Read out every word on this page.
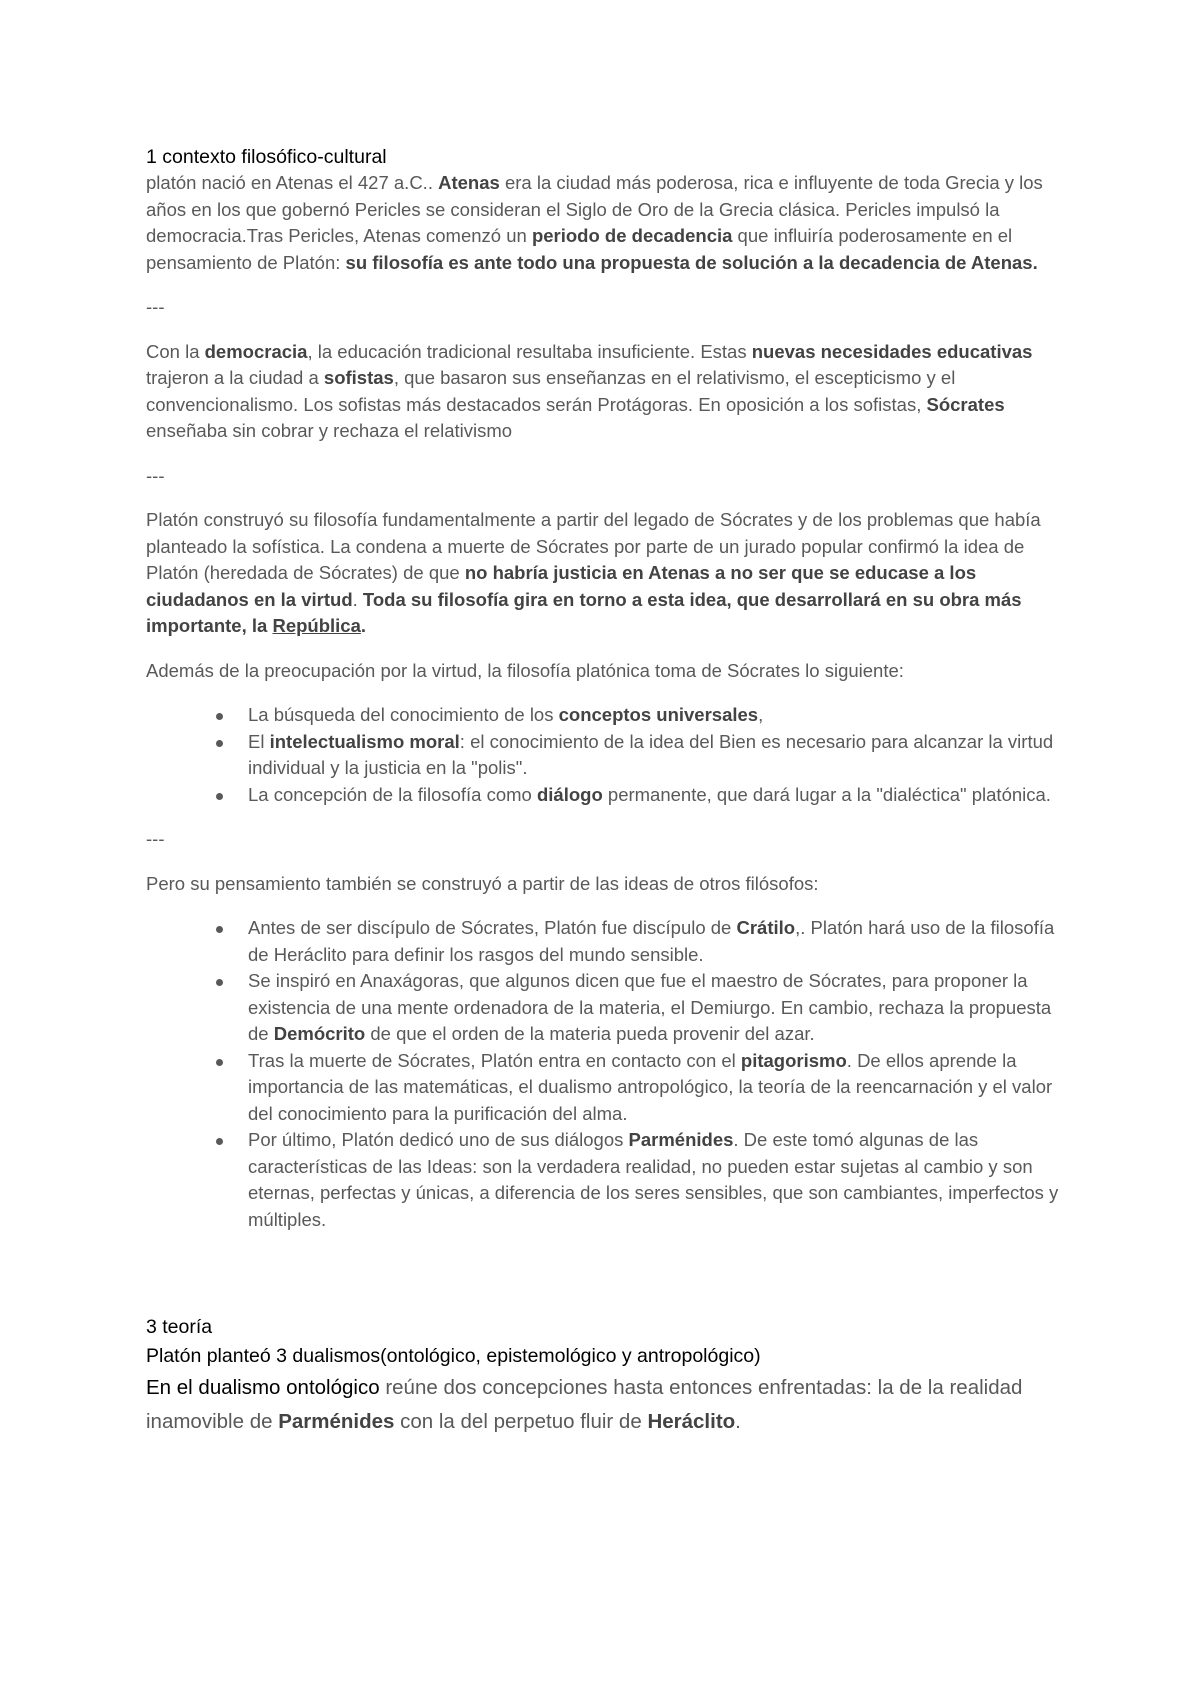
1 contexto filosófico-cultural

platón nació en Atenas el 427 a.C.. Atenas era la ciudad más poderosa, rica e influyente de toda Grecia y los años en los que gobernó Pericles se consideran el Siglo de Oro de la Grecia clásica. Pericles impulsó la democracia.Tras Pericles, Atenas comenzó un periodo de decadencia que influiría poderosamente en el pensamiento de Platón: su filosofía es ante todo una propuesta de solución a la decadencia de Atenas.

---

Con la democracia, la educación tradicional resultaba insuficiente. Estas nuevas necesidades educativas trajeron a la ciudad a sofistas, que basaron sus enseñanzas en el relativismo, el escepticismo y el convencionalismo. Los sofistas más destacados serán Protágoras. En oposición a los sofistas, Sócrates enseñaba sin cobrar y rechaza el relativismo

---

Platón construyó su filosofía fundamentalmente a partir del legado de Sócrates y de los problemas que había planteado la sofística. La condena a muerte de Sócrates por parte de un jurado popular confirmó la idea de Platón (heredada de Sócrates) de que no habría justicia en Atenas a no ser que se educase a los ciudadanos en la virtud. Toda su filosofía gira en torno a esta idea, que desarrollará en su obra más importante, la República.

Además de la preocupación por la virtud, la filosofía platónica toma de Sócrates lo siguiente:

La búsqueda del conocimiento de los conceptos universales,
El intelectualismo moral: el conocimiento de la idea del Bien es necesario para alcanzar la virtud individual y la justicia en la "polis".
La concepción de la filosofía como diálogo permanente, que dará lugar a la "dialéctica" platónica.

---

Pero su pensamiento también se construyó a partir de las ideas de otros filósofos:

Antes de ser discípulo de Sócrates, Platón fue discípulo de Crátilo,. Platón hará uso de la filosofía de Heráclito para definir los rasgos del mundo sensible.
Se inspiró en Anaxágoras, que algunos dicen que fue el maestro de Sócrates, para proponer la existencia de una mente ordenadora de la materia, el Demiurgo. En cambio, rechaza la propuesta de Demócrito de que el orden de la materia pueda provenir del azar.
Tras la muerte de Sócrates, Platón entra en contacto con el pitagorismo. De ellos aprende la importancia de las matemáticas, el dualismo antropológico, la teoría de la reencarnación y el valor del conocimiento para la purificación del alma.
Por último, Platón dedicó uno de sus diálogos Parménides. De este tomó algunas de las características de las Ideas: son la verdadera realidad, no pueden estar sujetas al cambio y son eternas, perfectas y únicas, a diferencia de los seres sensibles, que son cambiantes, imperfectos y múltiples.

3 teoría

Platón planteó 3 dualismos(ontológico, epistemológico y antropológico)

En el dualismo ontológico reúne dos concepciones hasta entonces enfrentadas: la de la realidad inamovible de Parménides con la del perpetuo fluir de Heráclito.
